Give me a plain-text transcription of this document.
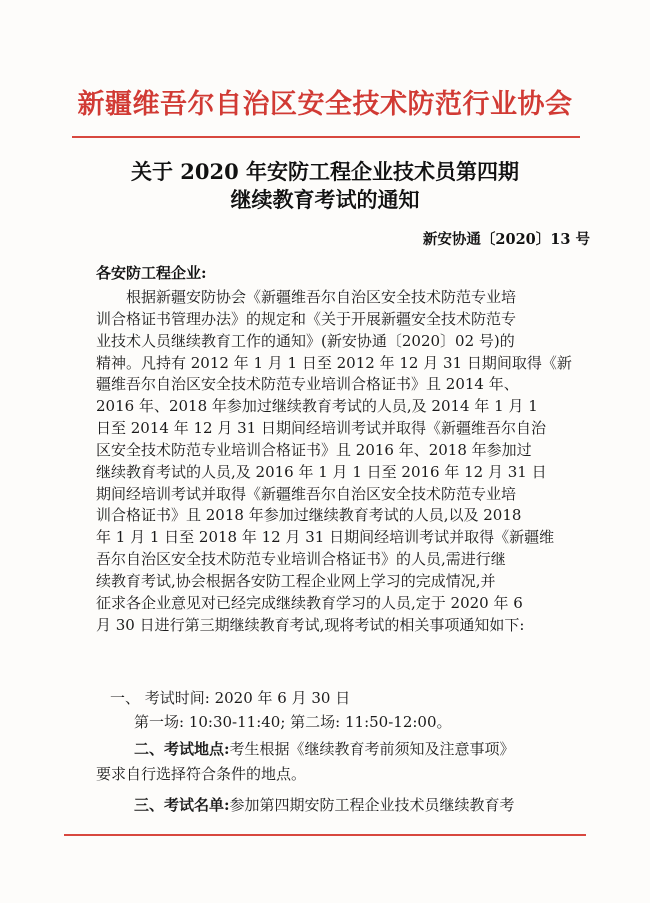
新疆维吾尔自治区安全技术防范行业协会
关于 2020 年安防工程企业技术员第四期
继续教育考试的通知
新安协通〔2020〕13 号
各安防工程企业:
根据新疆安防协会《新疆维吾尔自治区安全技术防范专业培
训合格证书管理办法》的规定和《关于开展新疆安全技术防范专
业技术人员继续教育工作的通知》(新安协通〔2020〕02 号)的
精神。凡持有 2012 年 1 月 1 日至 2012 年 12 月 31 日期间取得《新
疆维吾尔自治区安全技术防范专业培训合格证书》且 2014 年、
2016 年、2018 年参加过继续教育考试的人员,及 2014 年 1 月 1
日至 2014 年 12 月 31 日期间经培训考试并取得《新疆维吾尔自治
区安全技术防范专业培训合格证书》且 2016 年、2018 年参加过
继续教育考试的人员,及 2016 年 1 月 1 日至 2016 年 12 月 31 日
期间经培训考试并取得《新疆维吾尔自治区安全技术防范专业培
训合格证书》且 2018 年参加过继续教育考试的人员,以及 2018
年 1 月 1 日至 2018 年 12 月 31 日期间经培训考试并取得《新疆维
吾尔自治区安全技术防范专业培训合格证书》的人员,需进行继
续教育考试,协会根据各安防工程企业网上学习的完成情况,并
征求各企业意见对已经完成继续教育学习的人员,定于 2020 年 6
月 30 日进行第三期继续教育考试,现将考试的相关事项通知如下:
一、 考试时间: 2020 年 6 月 30 日
第一场: 10:30-11:40; 第二场: 11:50-12:00。
二、考试地点:考生根据《继续教育考前须知及注意事项》
要求自行选择符合条件的地点。
三、考试名单:参加第四期安防工程企业技术员继续教育考
